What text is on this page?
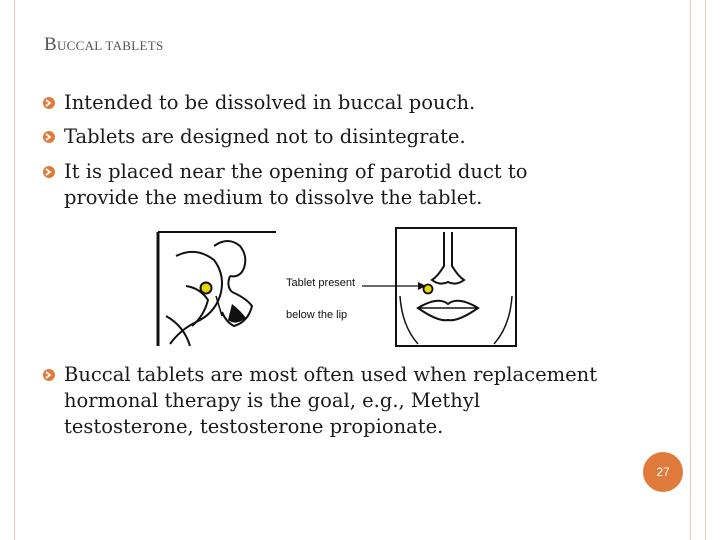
BUCCAL TABLETS
Intended to be dissolved in buccal pouch.
Tablets are designed not to disintegrate.
It is placed near the opening of parotid duct to provide the medium to dissolve the tablet.
Tablet present
below the lip
Buccal tablets are most often used when replacement hormonal therapy is the goal, e.g., Methyl testosterone, testosterone propionate.
27
